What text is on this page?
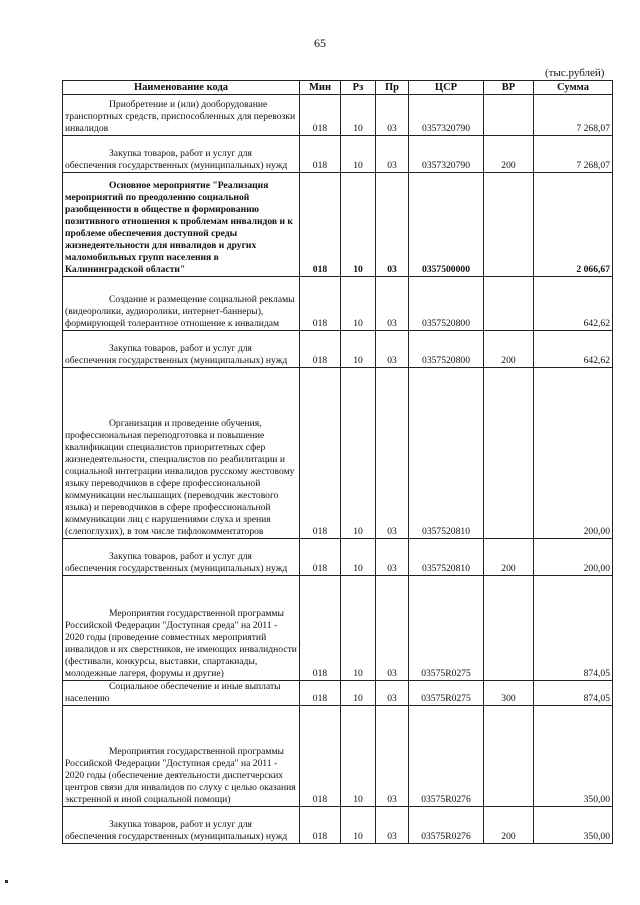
65
(тыс.рублей)
Наименование кода	Мин	Рз	Пр	ЦСР	ВР	Сумма

Приобретение и (или) дооборудование транспортных средств, приспособленных для перевозки инвалидов	018	10	03	0357320790		7 268,07

Закупка товаров, работ и услуг для обеспечения государственных (муниципальных) нужд	018	10	03	0357320790	200	7 268,07

Основное мероприятие "Реализация мероприятий по преодолению социальной разобщенности в обществе и формированию позитивного отношения к проблемам инвалидов и к проблеме обеспечения доступной среды жизнедеятельности для инвалидов и других маломобильных групп населения в Калининградской области"	018	10	03	0357500000		2 066,67

Создание и размещение социальной рекламы (видеоролики, аудиоролики, интернет-баннеры), формирующей толерантное отношение к инвалидам	018	10	03	0357520800		642,62

Закупка товаров, работ и услуг для обеспечения государственных (муниципальных) нужд	018	10	03	0357520800	200	642,62

Организация и проведение обучения, профессиональная переподготовка и повышение квалификации специалистов приоритетных сфер жизнедеятельности, специалистов по реабилитации и социальной интеграции инвалидов русскому жестовому языку переводчиков в сфере профессиональной коммуникации неслышащих (переводчик жестового языка) и переводчиков в сфере профессиональной коммуникации лиц с нарушениями слуха и зрения (слепоглухих), в том числе тифлокомментаторов	018	10	03	0357520810		200,00

Закупка товаров, работ и услуг для обеспечения государственных (муниципальных) нужд	018	10	03	0357520810	200	200,00

Мероприятия государственной программы Российской Федерации "Доступная среда" на 2011 - 2020 годы (проведение совместных мероприятий инвалидов и их сверстников, не имеющих инвалидности (фестивали, конкурсы, выставки, спартакиады, молодежные лагеря, форумы и другие)	018	10	03	03575R0275		874,05

Социальное обеспечение и иные выплаты населению	018	10	03	03575R0275	300	874,05

Мероприятия государственной программы Российской Федерации "Доступная среда" на 2011 - 2020 годы (обеспечение деятельности диспетчерских центров связи для инвалидов по слуху с целью оказания экстренной и иной социальной помощи)	018	10	03	03575R0276		350,00

Закупка товаров, работ и услуг для обеспечения государственных (муниципальных) нужд	018	10	03	03575R0276	200	350,00
